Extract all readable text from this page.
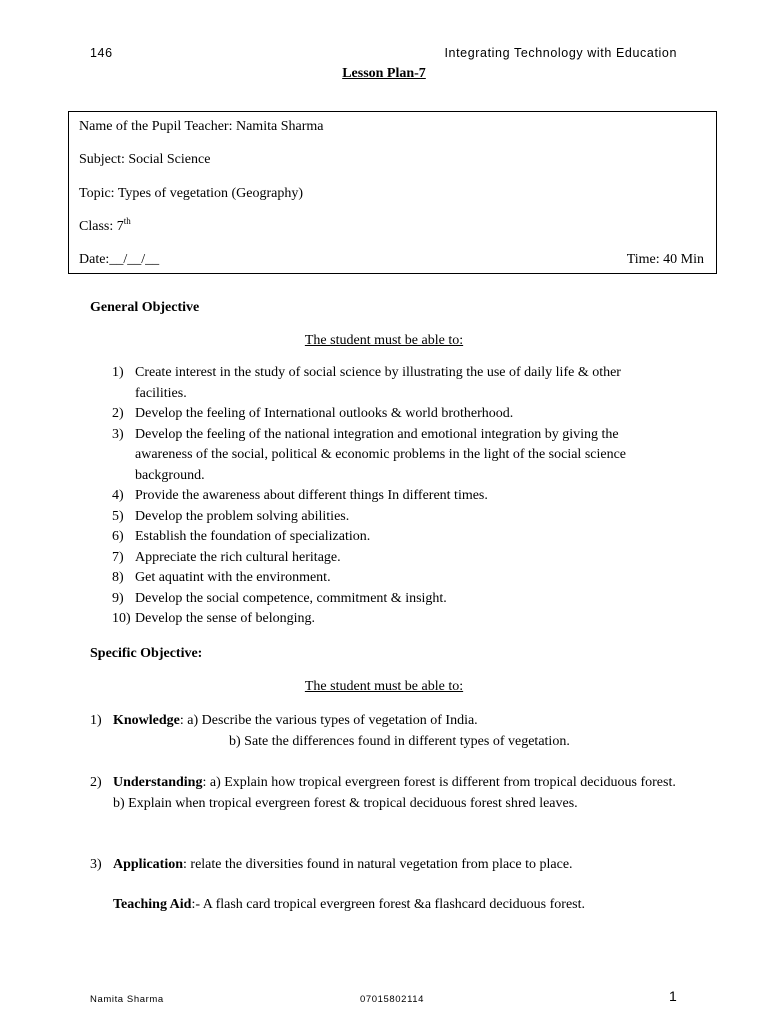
146	Integrating Technology with Education
Lesson Plan-7
Name of the Pupil Teacher: Namita Sharma
Subject: Social Science
Topic: Types of vegetation (Geography)
Class: 7th
Date:__/__/__	Time: 40 Min
General Objective
The student must be able to:
1) Create interest in the study of social science by illustrating the use of daily life & other facilities.
2) Develop the feeling of International outlooks & world brotherhood.
3) Develop the feeling of the national integration and emotional integration by giving the awareness of the social, political & economic problems in the light of the social science background.
4) Provide the awareness about different things In different times.
5) Develop the problem solving abilities.
6) Establish the foundation of specialization.
7) Appreciate the rich cultural heritage.
8) Get aquatint with the environment.
9) Develop the social competence, commitment & insight.
10) Develop the sense of belonging.
Specific Objective:
The student must be able to:
1) Knowledge: a) Describe the various types of vegetation of India.
b) Sate the differences found in different types of vegetation.
2) Understanding: a) Explain how tropical evergreen forest is different from tropical deciduous forest.
b) Explain when tropical evergreen forest & tropical deciduous forest shred leaves.
3) Application: relate the diversities found in natural vegetation from place to place.
Teaching Aid:- A flash card tropical evergreen forest &a flashcard deciduous forest.
Namita Sharma	07015802114	1
